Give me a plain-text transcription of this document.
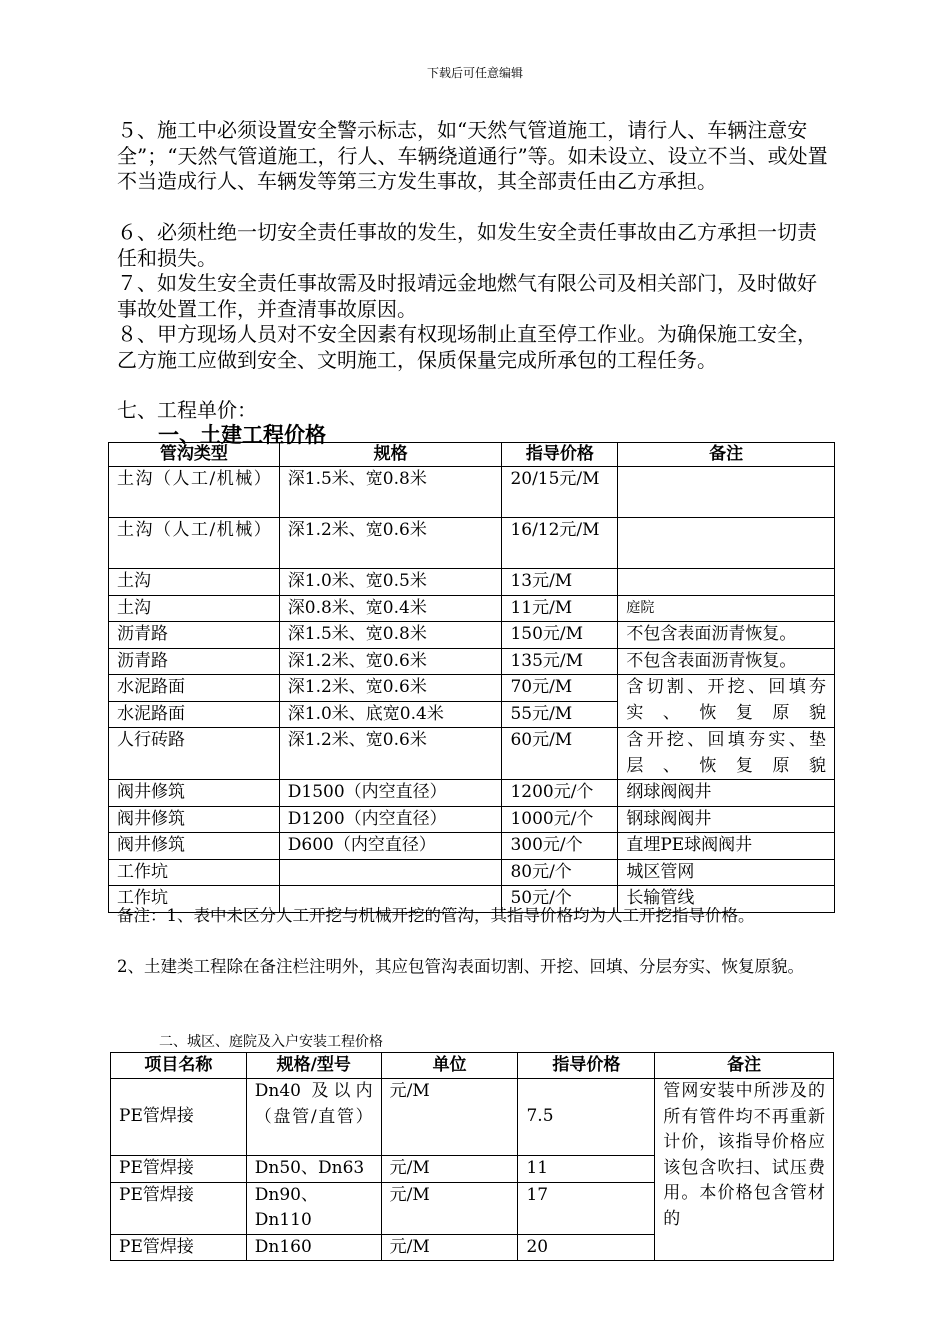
下载后可任意编辑
５、施工中必须设置安全警示标志，如“天然气管道施工，请行人、车辆注意安全”；“天然气管道施工，行人、车辆绕道通行”等。如未设立、设立不当、或处置不当造成行人、车辆发等第三方发生事故，其全部责任由乙方承担。
６、必须杜绝一切安全责任事故的发生，如发生安全责任事故由乙方承担一切责任和损失。
７、如发生安全责任事故需及时报靖远金地燃气有限公司及相关部门，及时做好事故处置工作，并查清事故原因。
８、甲方现场人员对不安全因素有权现场制止直至停工作业。为确保施工安全，乙方施工应做到安全、文明施工，保质保量完成所承包的工程任务。
七、工程单价：
一、土建工程价格
管沟类型	规格	指导价格	备注
土沟（人工/机械）	深1.5米、宽0.8米	20/15元/M	
土沟（人工/机械）	深1.2米、宽0.6米	16/12元/M	
土沟	深1.0米、宽0.5米	13元/M	
土沟	深0.8米、宽0.4米	11元/M	庭院
沥青路	深1.5米、宽0.8米	150元/M	不包含表面沥青恢复。
沥青路	深1.2米、宽0.6米	135元/M	不包含表面沥青恢复。
水泥路面	深1.2米、宽0.6米	70元/M	含切割、开挖、回填夯实、恢复原貌
水泥路面	深1.0米、底宽0.4米	55元/M	
人行砖路	深1.2米、宽0.6米	60元/M	含开挖、回填夯实、垫层、恢复原貌
阀井修筑	D1500（内空直径）	1200元/个	纲球阀阀井
阀井修筑	D1200（内空直径）	1000元/个	钢球阀阀井
阀井修筑	D600（内空直径）	300元/个	直埋PE球阀阀井
工作坑		80元/个	城区管网
工作坑		50元/个	长输管线
备注：1、表中未区分人工开挖与机械开挖的管沟，其指导价格均为人工开挖指导价格。
2、土建类工程除在备注栏注明外，其应包管沟表面切割、开挖、回填、分层夯实、恢复原貌。
二、城区、庭院及入户安装工程价格
项目名称	规格/型号	单位	指导价格	备注
PE管焊接	Dn40 及以内（盘管/直管）	元/M	7.5	管网安装中所涉及的所有管件均不再重新计价，该指导价格应该包含吹扫、试压费用。本价格包含管材的
PE管焊接	Dn50、Dn63	元/M	11	
PE管焊接	Dn90、Dn110	元/M	17	
PE管焊接	Dn160	元/M	20	
